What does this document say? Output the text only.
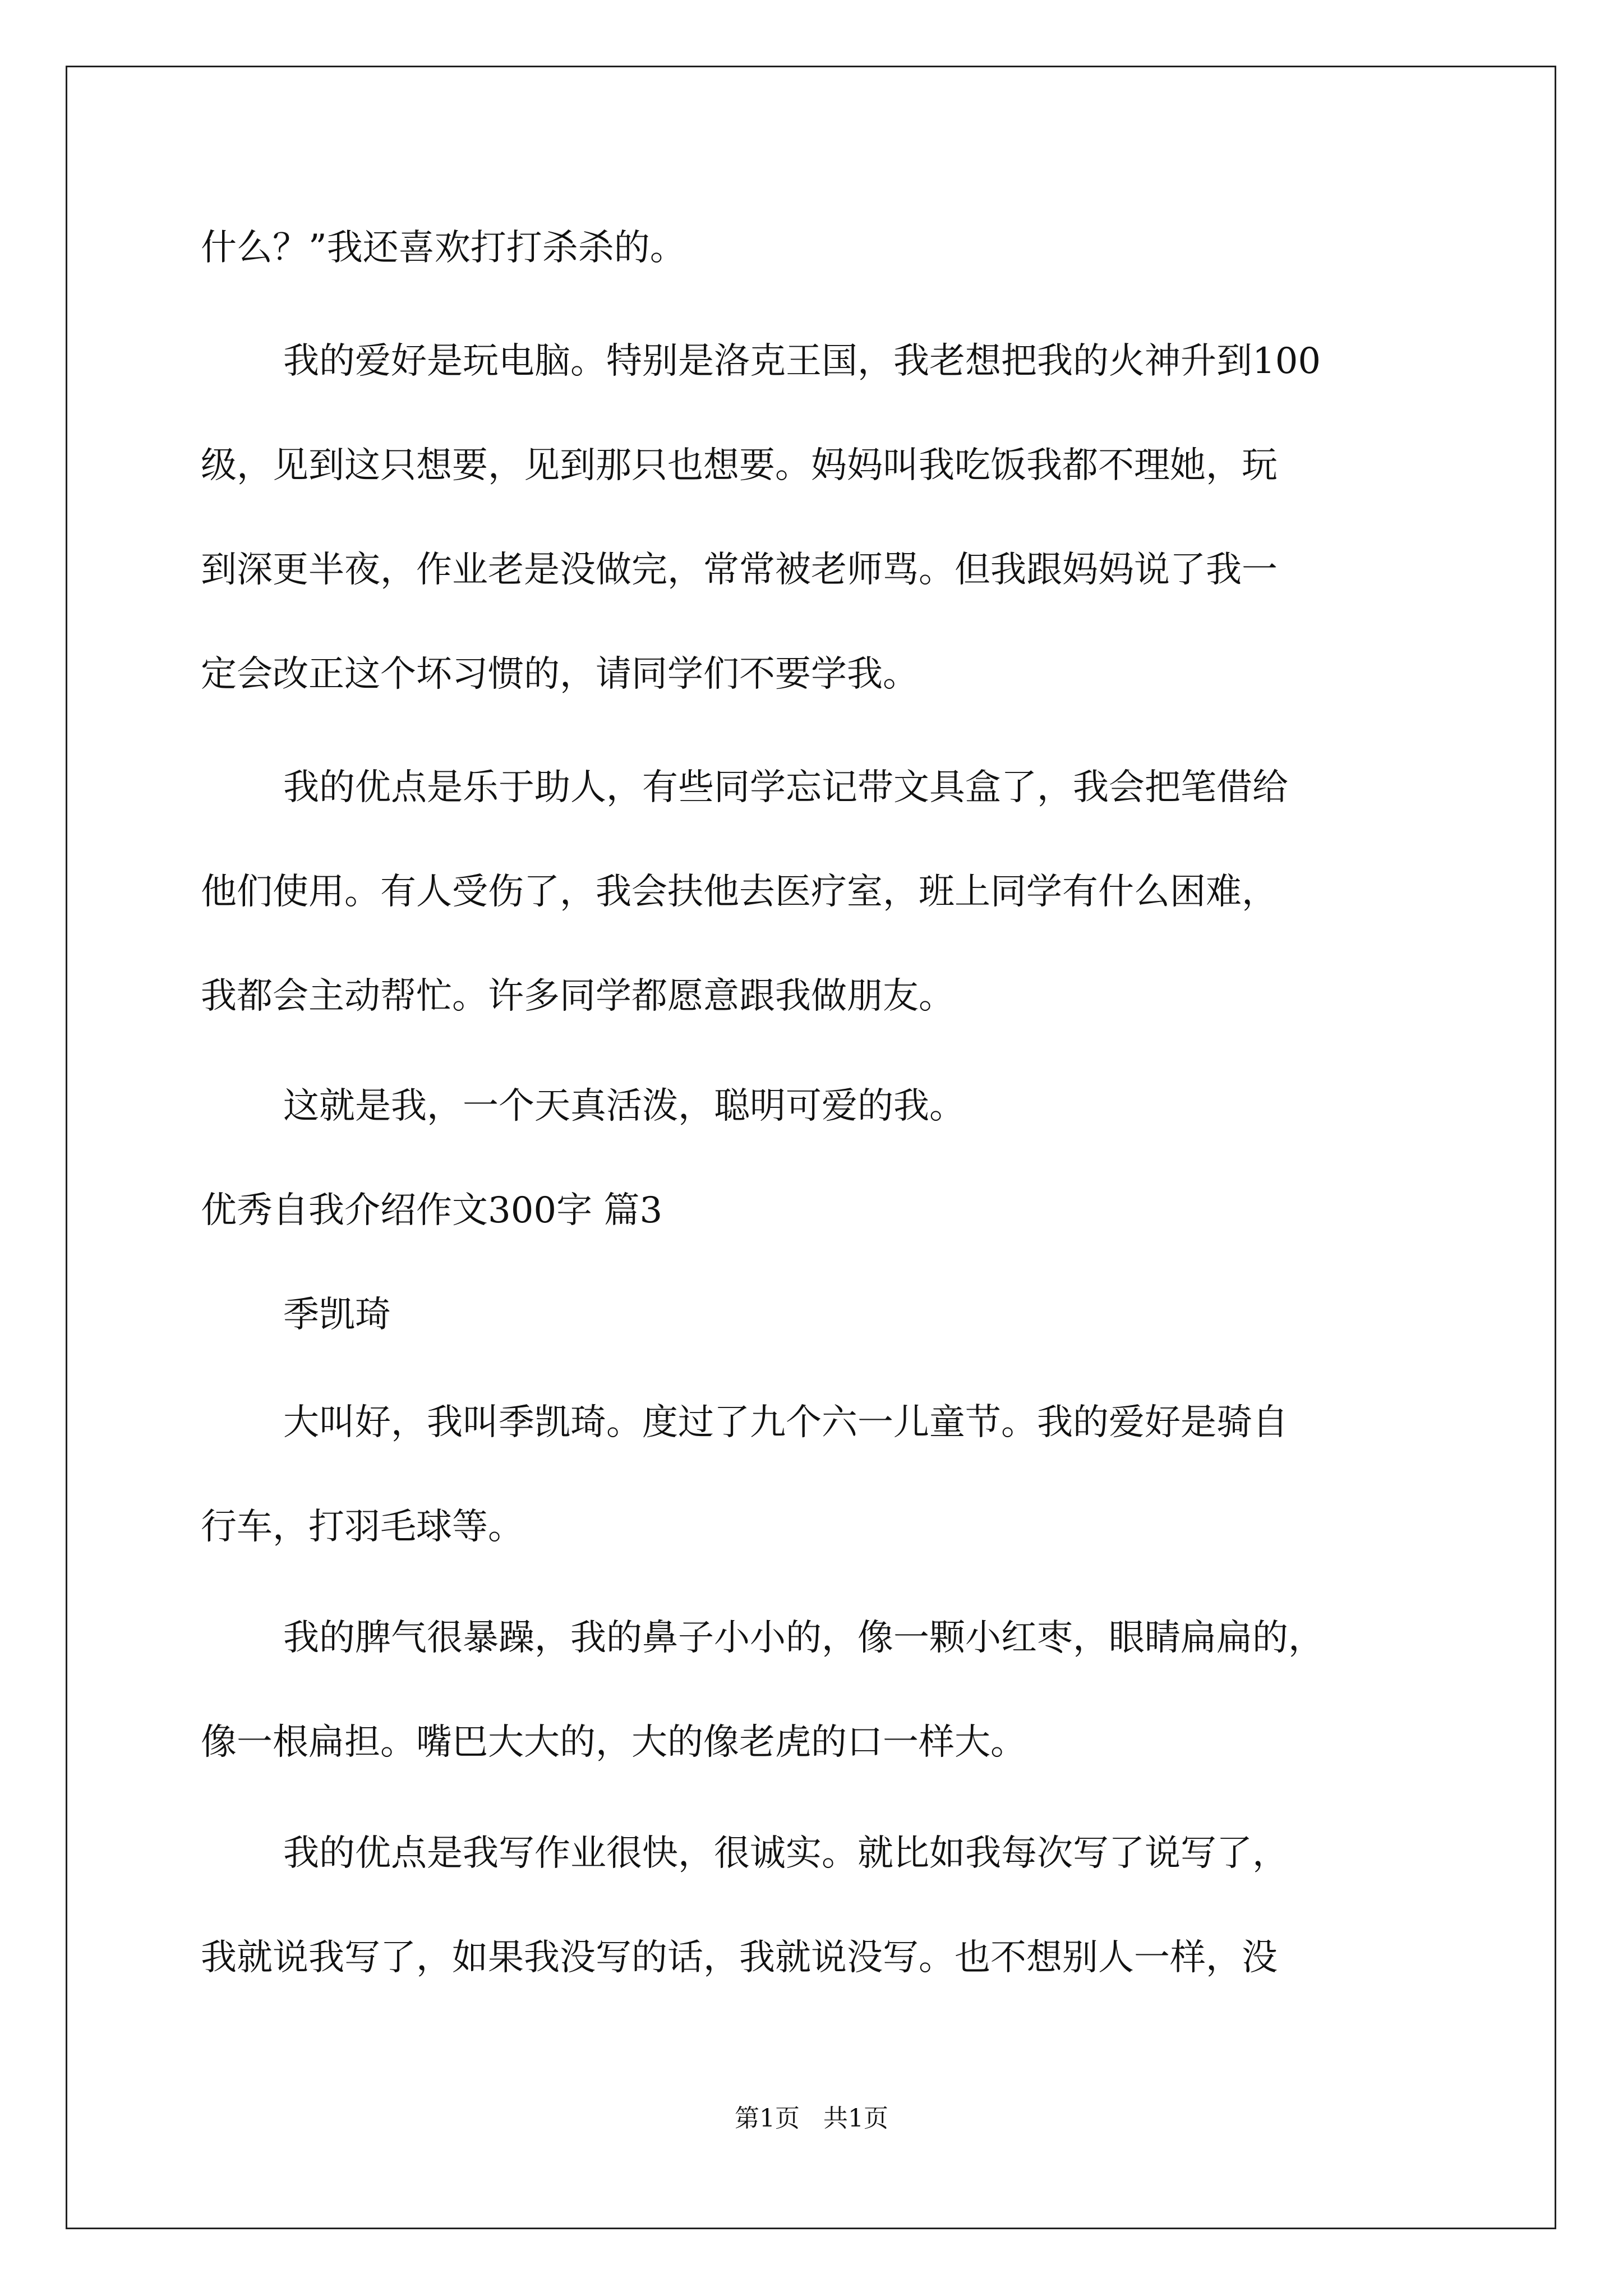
什么？”我还喜欢打打杀杀的。

我的爱好是玩电脑。特别是洛克王国，我老想把我的火神升到100

级，见到这只想要，见到那只也想要。妈妈叫我吃饭我都不理她，玩

到深更半夜，作业老是没做完，常常被老师骂。但我跟妈妈说了我一

定会改正这个坏习惯的，请同学们不要学我。

我的优点是乐于助人，有些同学忘记带文具盒了，我会把笔借给

他们使用。有人受伤了，我会扶他去医疗室，班上同学有什么困难，

我都会主动帮忙。许多同学都愿意跟我做朋友。

这就是我，一个天真活泼，聪明可爱的我。

优秀自我介绍作文300字 篇3

季凯琦

大叫好，我叫季凯琦。度过了九个六一儿童节。我的爱好是骑自

行车，打羽毛球等。

我的脾气很暴躁，我的鼻子小小的，像一颗小红枣，眼睛扁扁的，

像一根扁担。嘴巴大大的，大的像老虎的口一样大。

我的优点是我写作业很快，很诚实。就比如我每次写了说写了，

我就说我写了，如果我没写的话，我就说没写。也不想别人一样，没

第1页   共1页
